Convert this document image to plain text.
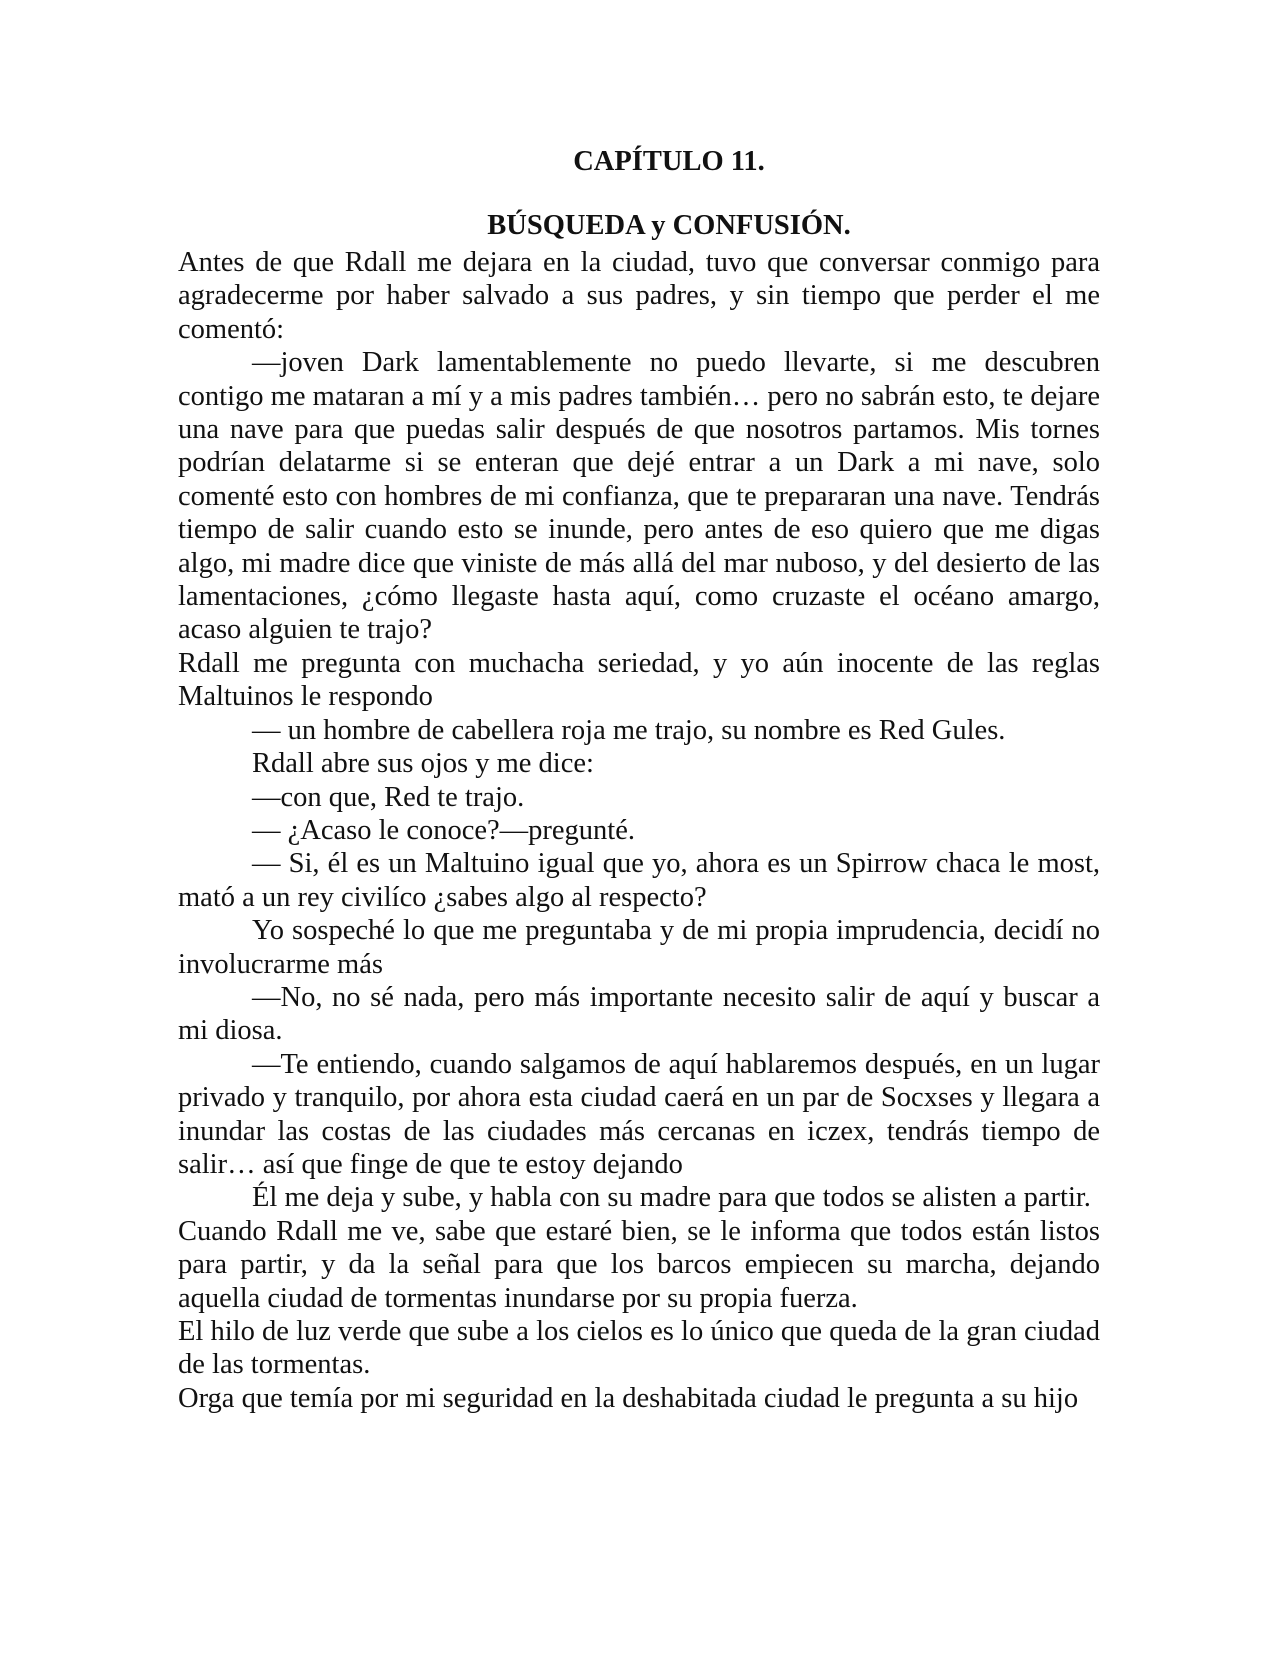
CAPÍTULO 11.
BÚSQUEDA y CONFUSIÓN.

Antes de que Rdall me dejara en la ciudad, tuvo que conversar conmigo para agradecerme por haber salvado a sus padres, y sin tiempo que perder el me comentó:

—joven Dark lamentablemente no puedo llevarte, si me descubren contigo me mataran a mí y a mis padres también… pero no sabrán esto, te dejare una nave para que puedas salir después de que nosotros partamos. Mis tornes podrían delatarme si se enteran que dejé entrar a un Dark a mi nave, solo comenté esto con hombres de mi confianza, que te prepararan una nave. Tendrás tiempo de salir cuando esto se inunde, pero antes de eso quiero que me digas algo, mi madre dice que viniste de más allá del mar nuboso, y del desierto de las lamentaciones, ¿cómo llegaste hasta aquí, como cruzaste el océano amargo, acaso alguien te trajo?

Rdall me pregunta con muchacha seriedad, y yo aún inocente de las reglas Maltuinos le respondo

— un hombre de cabellera roja me trajo, su nombre es Red Gules.

Rdall abre sus ojos y me dice:

—con que, Red te trajo.

— ¿Acaso le conoce?—pregunté.

— Si, él es un Maltuino igual que yo, ahora es un Spirrow chaca le most, mató a un rey civilíco ¿sabes algo al respecto?

Yo sospeché lo que me preguntaba y de mi propia imprudencia, decidí no involucrarme más

—No, no sé nada, pero más importante necesito salir de aquí y buscar a mi diosa.

—Te entiendo, cuando salgamos de aquí hablaremos después, en un lugar privado y tranquilo, por ahora esta ciudad caerá en un par de Socxses y llegara a inundar las costas de las ciudades más cercanas en iczex, tendrás tiempo de salir… así que finge de que te estoy dejando

Él me deja y sube, y habla con su madre para que todos se alisten a partir.

Cuando Rdall me ve, sabe que estaré bien, se le informa que todos están listos para partir, y da la señal para que los barcos empiecen su marcha, dejando aquella ciudad de tormentas inundarse por su propia fuerza.

El hilo de luz verde que sube a los cielos es lo único que queda de la gran ciudad de las tormentas.

Orga que temía por mi seguridad en la deshabitada ciudad le pregunta a su hijo
